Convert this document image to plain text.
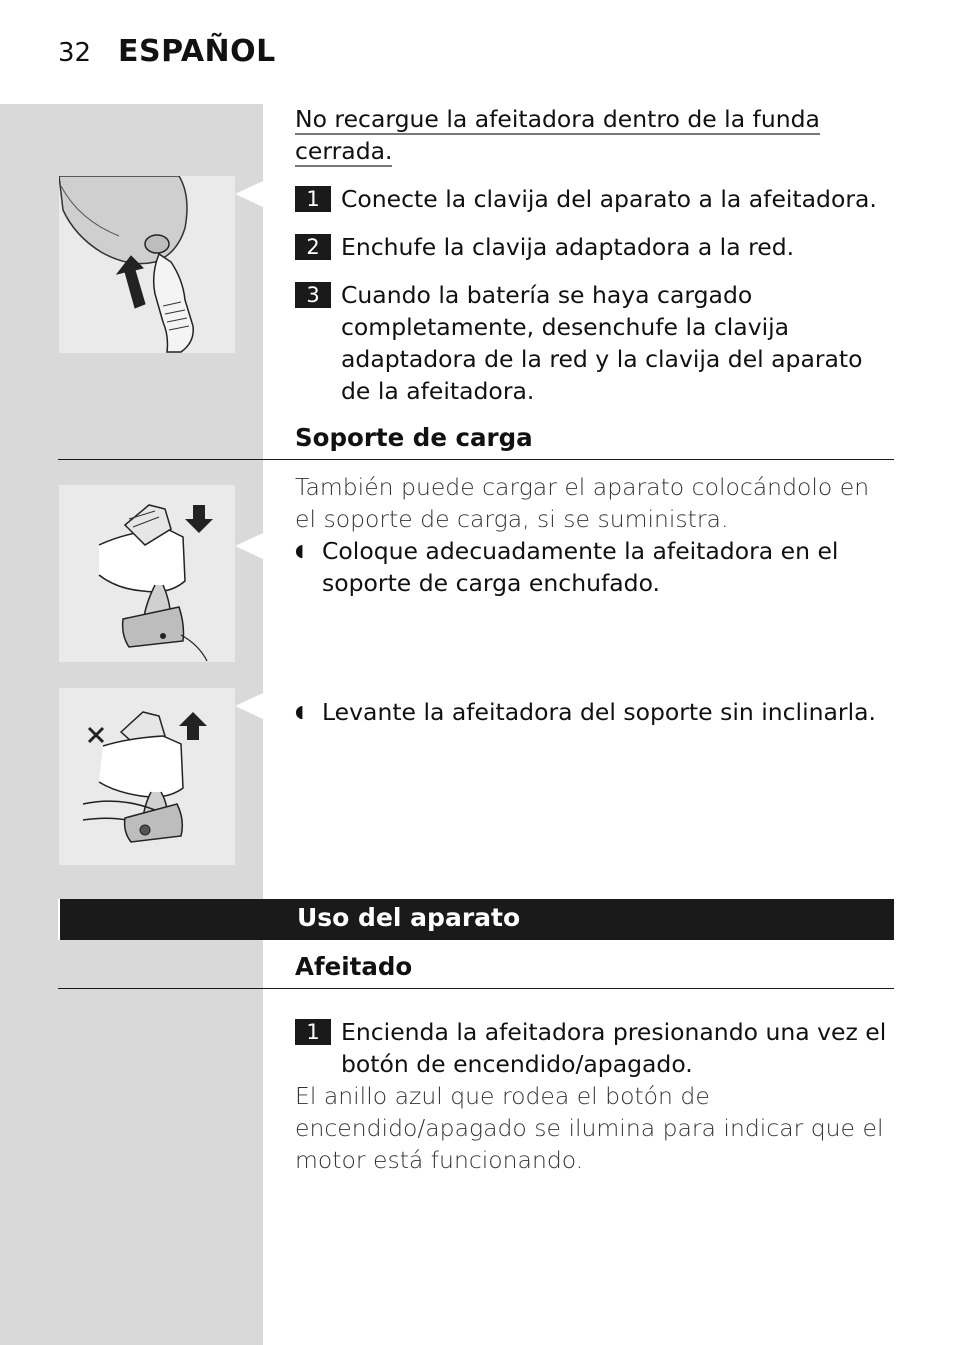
32 ESPAÑOL
No recargue la afeitadora dentro de la funda cerrada.
1 Conecte la clavija del aparato a la afeitadora.
2 Enchufe la clavija adaptadora a la red.
3 Cuando la batería se haya cargado completamente, desenchufe la clavija adaptadora de la red y la clavija del aparato de la afeitadora.
Soporte de carga
También puede cargar el aparato colocándolo en el soporte de carga, si se suministra.
◖ Coloque adecuadamente la afeitadora en el soporte de carga enchufado.
◖ Levante la afeitadora del soporte sin inclinarla.
Uso del aparato
Afeitado
1 Encienda la afeitadora presionando una vez el botón de encendido/apagado.
El anillo azul que rodea el botón de encendido/apagado se ilumina para indicar que el motor está funcionando.
